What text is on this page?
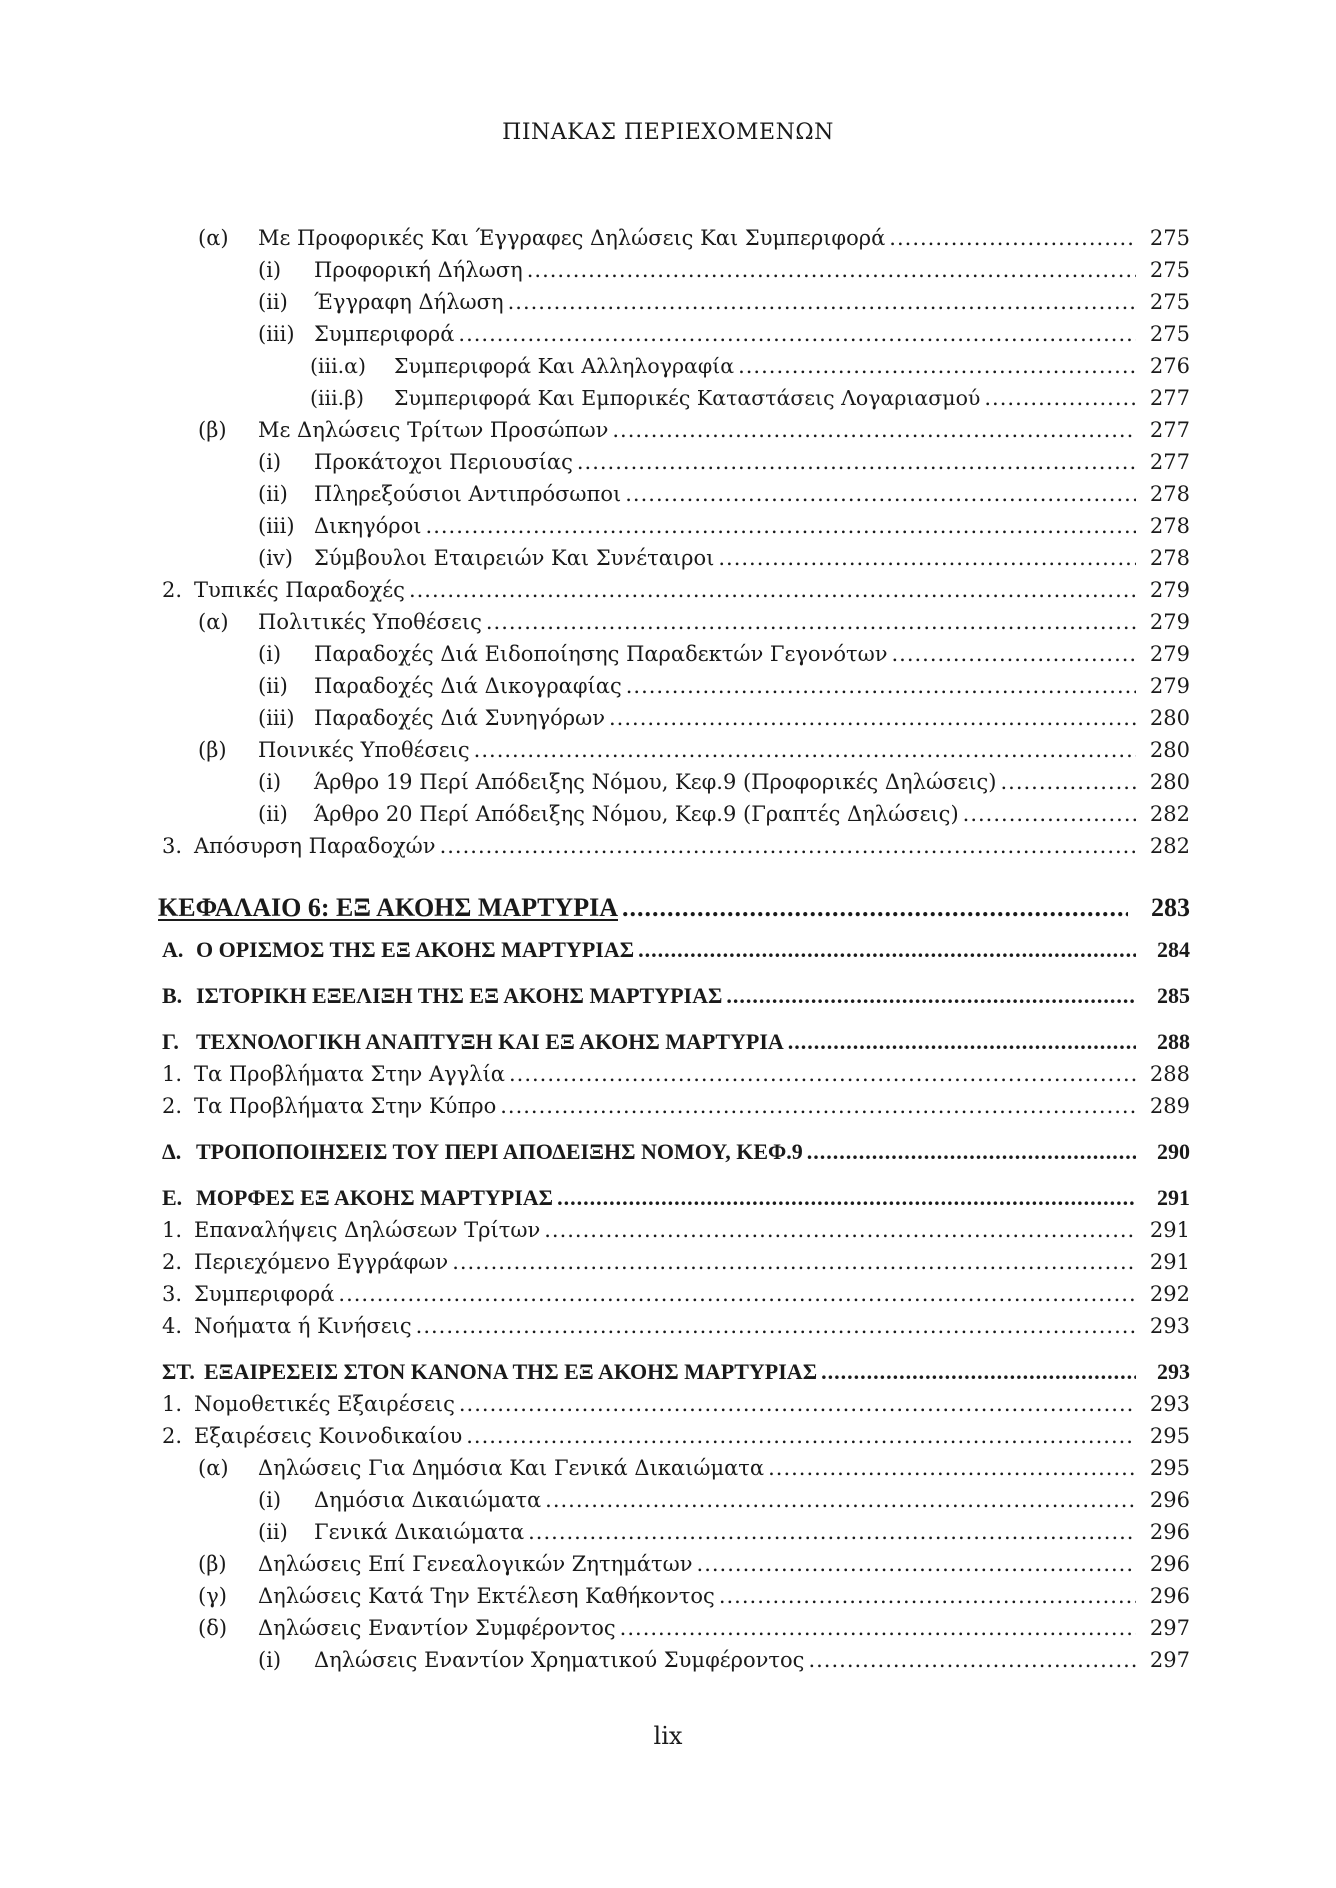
ΠΙΝΑΚΑΣ ΠΕΡΙΕΧΟΜΕΝΩΝ
(α)	Με Προφορικές Και Έγγραφες Δηλώσεις Και Συμπεριφορά .....	275
(i)	Προφορική Δήλωση .....	275
(ii)	Έγγραφη Δήλωση .....	275
(iii) Συμπεριφορά .....	275
(iii.α)	Συμπεριφορά Και Αλληλογραφία .....	276
(iii.β)	Συμπεριφορά Και Εμπορικές Καταστάσεις Λογαριασμού .....	277
(β)	Με Δηλώσεις Τρίτων Προσώπων .....	277
(i)	Προκάτοχοι Περιουσίας .....	277
(ii)	Πληρεξούσιοι Αντιπρόσωποι .....	278
(iii) Δικηγόροι .....	278
(iv)	Σύμβουλοι Εταιρειών Και Συνέταιροι .....	278
2. Τυπικές Παραδοχές .....	279
(α)	Πολιτικές Υποθέσεις .....	279
(i)	Παραδοχές Διά Ειδοποίησης Παραδεκτών Γεγονότων .....	279
(ii)	Παραδοχές Διά Δικογραφίας .....	279
(iii) Παραδοχές Διά Συνηγόρων .....	280
(β)	Ποινικές Υποθέσεις .....	280
(i)	Άρθρο 19 Περί Απόδειξης Νόμου, Κεφ.9 (Προφορικές Δηλώσεις) .....	280
(ii)	Άρθρο 20 Περί Απόδειξης Νόμου, Κεφ.9 (Γραπτές Δηλώσεις) .....	282
3. Απόσυρση Παραδοχών .....	282
ΚΕΦΑΛΑΙΟ 6: ΕΞ ΑΚΟΗΣ ΜΑΡΤΥΡΙΑ .....	283
Α. Ο ΟΡΙΣΜΟΣ ΤΗΣ ΕΞ ΑΚΟΗΣ ΜΑΡΤΥΡΙΑΣ .....	284
Β. ΙΣΤΟΡΙΚΗ ΕΞΕΛΙΞΗ ΤΗΣ ΕΞ ΑΚΟΗΣ ΜΑΡΤΥΡΙΑΣ .....	285
Γ. ΤΕΧΝΟΛΟΓΙΚΗ ΑΝΑΠΤΥΞΗ ΚΑΙ ΕΞ ΑΚΟΗΣ ΜΑΡΤΥΡΙΑ .....	288
1. Τα Προβλήματα Στην Αγγλία .....	288
2. Τα Προβλήματα Στην Κύπρο .....	289
Δ. ΤΡΟΠΟΠΟΙΗΣΕΙΣ ΤΟΥ ΠΕΡΙ ΑΠΟΔΕΙΞΗΣ ΝΟΜΟΥ, ΚΕΦ.9 .....	290
Ε. ΜΟΡΦΕΣ ΕΞ ΑΚΟΗΣ ΜΑΡΤΥΡΙΑΣ .....	291
1. Επαναλήψεις Δηλώσεων Τρίτων .....	291
2. Περιεχόμενο Εγγράφων .....	291
3. Συμπεριφορά .....	292
4. Νοήματα ή Κινήσεις .....	293
ΣΤ. ΕΞΑΙΡΕΣΕΙΣ ΣΤΟΝ ΚΑΝΟΝΑ ΤΗΣ ΕΞ ΑΚΟΗΣ ΜΑΡΤΥΡΙΑΣ .....	293
1. Νομοθετικές Εξαιρέσεις .....	293
2. Εξαιρέσεις Κοινοδικαίου .....	295
(α)	Δηλώσεις Για Δημόσια Και Γενικά Δικαιώματα .....	295
(i)	Δημόσια Δικαιώματα .....	296
(ii)	Γενικά Δικαιώματα .....	296
(β)	Δηλώσεις Επί Γενεαλογικών Ζητημάτων .....	296
(γ)	Δηλώσεις Κατά Την Εκτέλεση Καθήκοντος .....	296
(δ)	Δηλώσεις Εναντίον Συμφέροντος .....	297
(i)	Δηλώσεις Εναντίον Χρηματικού Συμφέροντος .....	297
lix
